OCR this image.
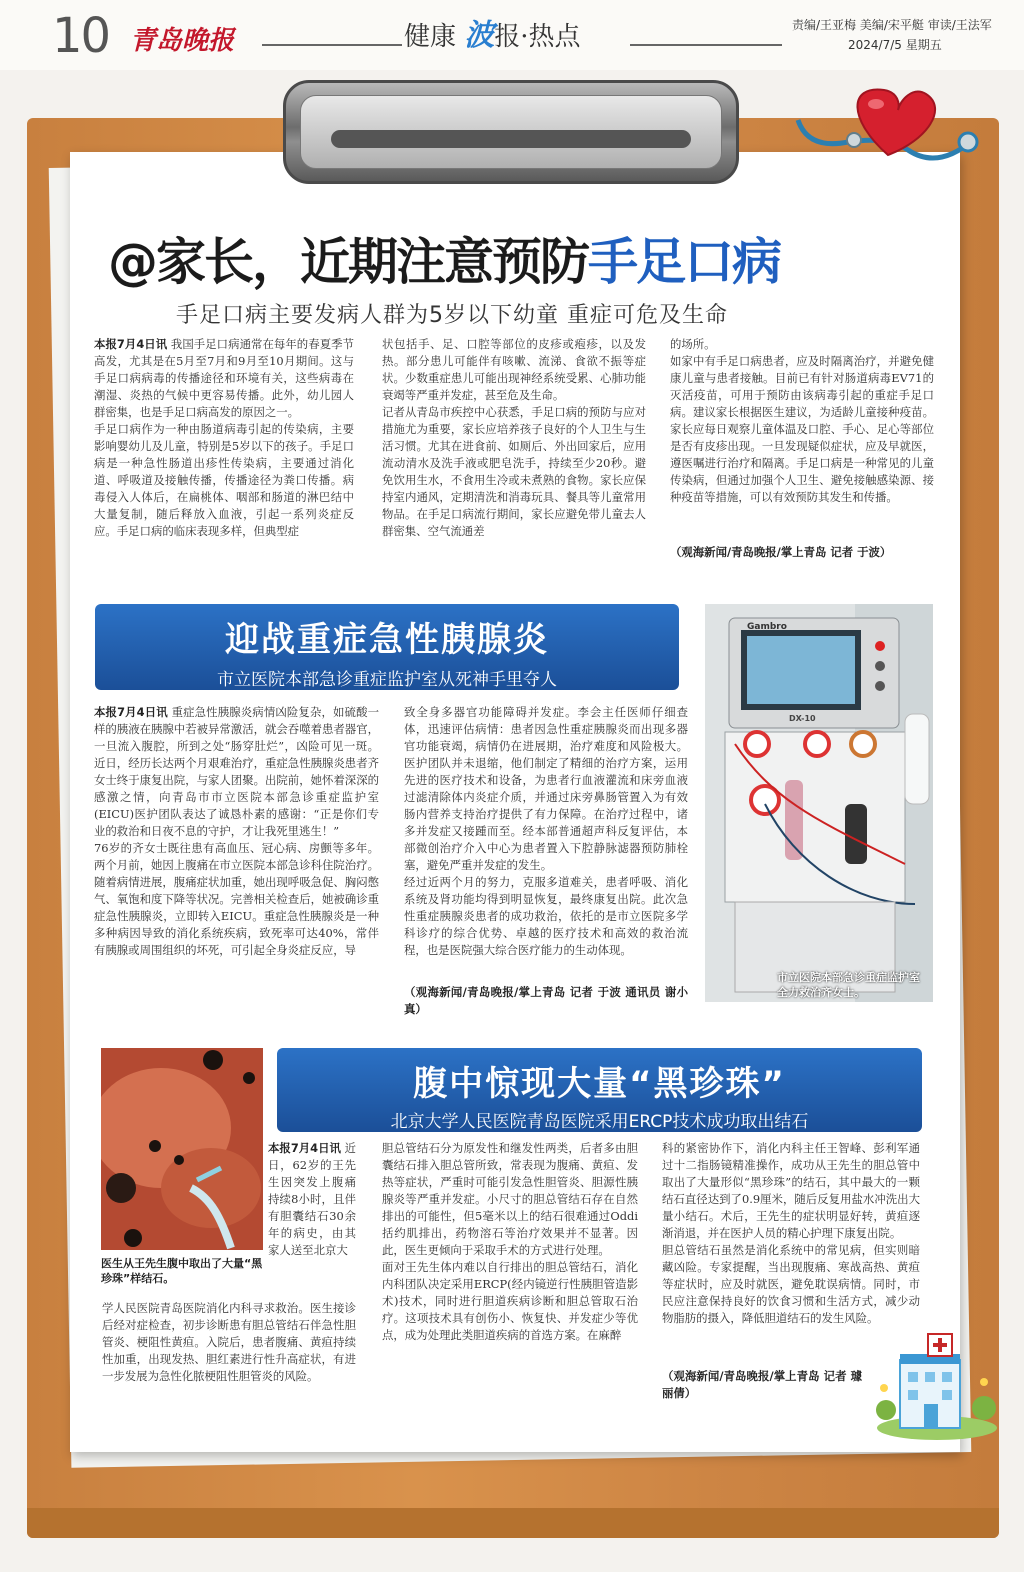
10 青岛晚报	健康 波报·热点	责编/王亚梅 美编/宋平艇 审读/王法军
2024/7/5 星期五
@家长，近期注意预防手足口病
手足口病主要发病人群为5岁以下幼童 重症可危及生命
本报7月4日讯 我国手足口病通常在每年的春夏季节高发，尤其是在5月至7月和9月至10月期间。这与手足口病病毒的传播途径和环境有关，这些病毒在潮湿、炎热的气候中更容易传播。此外，幼儿园人群密集，也是手足口病高发的原因之一。
手足口病作为一种由肠道病毒引起的传染病，主要影响婴幼儿及儿童，特别是5岁以下的孩子。手足口病是一种急性肠道出疹性传染病，主要通过消化道、呼吸道及接触传播，传播途径为粪口传播。病毒侵入人体后，在扁桃体、咽部和肠道的淋巴结中大量复制，随后释放入血液，引起一系列炎症反应。手足口病的临床表现多样，但典型症
状包括手、足、口腔等部位的皮疹或疱疹，以及发热。部分患儿可能伴有咳嗽、流涕、食欲不振等症状。少数重症患儿可能出现神经系统受累、心肺功能衰竭等严重并发症，甚至危及生命。
记者从青岛市疾控中心获悉，手足口病的预防与应对措施尤为重要，家长应培养孩子良好的个人卫生与生活习惯。尤其在进食前、如厕后、外出回家后，应用流动清水及洗手液或肥皂洗手，持续至少20秒。避免饮用生水，不食用生冷或未煮熟的食物。家长应保持室内通风，定期清洗和消毒玩具、餐具等儿童常用物品。在手足口病流行期间，家长应避免带儿童去人群密集、空气流通差
的场所。
如家中有手足口病患者，应及时隔离治疗，并避免健康儿童与患者接触。目前已有针对肠道病毒EV71的灭活疫苗，可用于预防由该病毒引起的重症手足口病。建议家长根据医生建议，为适龄儿童接种疫苗。家长应每日观察儿童体温及口腔、手心、足心等部位是否有皮疹出现。一旦发现疑似症状，应及早就医，遵医嘱进行治疗和隔离。手足口病是一种常见的儿童传染病，但通过加强个人卫生、避免接触感染源、接种疫苗等措施，可以有效预防其发生和传播。
（观海新闻/青岛晚报/掌上青岛 记者 于波）
迎战重症急性胰腺炎
市立医院本部急诊重症监护室从死神手里夺人
本报7月4日讯 重症急性胰腺炎病情凶险复杂，如硫酸一样的胰液在胰腺中若被异常激活，就会吞噬着患者器官，一旦流入腹腔，所到之处“肠穿肚烂”，凶险可见一斑。近日，经历长达两个月艰难治疗，重症急性胰腺炎患者齐女士终于康复出院，与家人团聚。出院前，她怀着深深的感激之情，向青岛市市立医院本部急诊重症监护室(EICU)医护团队表达了诚恳朴素的感谢：“正是你们专业的救治和日夜不息的守护，才让我死里逃生！”
76岁的齐女士既往患有高血压、冠心病、房颤等多年。两个月前，她因上腹痛在市立医院本部急诊科住院治疗。随着病情进展，腹痛症状加重，她出现呼吸急促、胸闷憋气、氧饱和度下降等状况。完善相关检查后，她被确诊重症急性胰腺炎，立即转入EICU。重症急性胰腺炎是一种多种病因导致的消化系统疾病，致死率可达40%，常伴有胰腺或周围组织的坏死，可引起全身炎症反应，导
致全身多器官功能障碍并发症。李会主任医师仔细查体，迅速评估病情：患者因急性重症胰腺炎而出现多器官功能衰竭，病情仍在进展期，治疗难度和风险极大。医护团队并未退缩，他们制定了精细的治疗方案，运用先进的医疗技术和设备，为患者行血液灌流和床旁血液过滤清除体内炎症介质，并通过床旁鼻肠管置入为有效肠内营养支持治疗提供了有力保障。在治疗过程中，诸多并发症又接踵而至。经本部普通超声科反复评估，本部微创治疗介入中心为患者置入下腔静脉滤器预防肺栓塞，避免严重并发症的发生。
经过近两个月的努力，克服多道难关，患者呼吸、消化系统及肾功能均得到明显恢复，最终康复出院。此次急性重症胰腺炎患者的成功救治，依托的是市立医院多学科诊疗的综合优势、卓越的医疗技术和高效的救治流程，也是医院强大综合医疗能力的生动体现。
（观海新闻/青岛晚报/掌上青岛 记者 于波 通讯员 谢小真）
Gambro
DX-10
市立医院本部急诊重症监护室全力救治齐女士。
腹中惊现大量“黑珍珠”
北京大学人民医院青岛医院采用ERCP技术成功取出结石
医生从王先生腹中取出了大量“黑珍珠”样结石。
本报7月4日讯 近日，62岁的王先生因突发上腹痛持续8小时，且伴有胆囊结石30余年的病史，由其家人送至北京大
学人民医院青岛医院消化内科寻求救治。医生接诊后经对症检查，初步诊断患有胆总管结石伴急性胆管炎、梗阻性黄疸。入院后，患者腹痛、黄疸持续性加重，出现发热、胆红素进行性升高症状，有进一步发展为急性化脓梗阻性胆管炎的风险。
胆总管结石分为原发性和继发性两类，后者多由胆囊结石排入胆总管所致，常表现为腹痛、黄疸、发热等症状，严重时可能引发急性胆管炎、胆源性胰腺炎等严重并发症。小尺寸的胆总管结石存在自然排出的可能性，但5毫米以上的结石很难通过Oddi括约肌排出，药物溶石等治疗效果并不显著。因此，医生更倾向于采取手术的方式进行处理。
面对王先生体内难以自行排出的胆总管结石，消化内科团队决定采用ERCP(经内镜逆行性胰胆管造影术)技术，同时进行胆道疾病诊断和胆总管取石治疗。这项技术具有创伤小、恢复快、并发症少等优点，成为处理此类胆道疾病的首选方案。在麻醉
科的紧密协作下，消化内科主任王智峰、彭利军通过十二指肠镜精准操作，成功从王先生的胆总管中取出了大量形似“黑珍珠”的结石，其中最大的一颗结石直径达到了0.9厘米，随后反复用盐水冲洗出大量小结石。术后，王先生的症状明显好转，黄疸逐渐消退，并在医护人员的精心护理下康复出院。
胆总管结石虽然是消化系统中的常见病，但实则暗藏凶险。专家提醒，当出现腹痛、寒战高热、黄疸等症状时，应及时就医，避免耽误病情。同时，市民应注意保持良好的饮食习惯和生活方式，减少动物脂肪的摄入，降低胆道结石的发生风险。
（观海新闻/青岛晚报/掌上青岛 记者 璩丽倩）
